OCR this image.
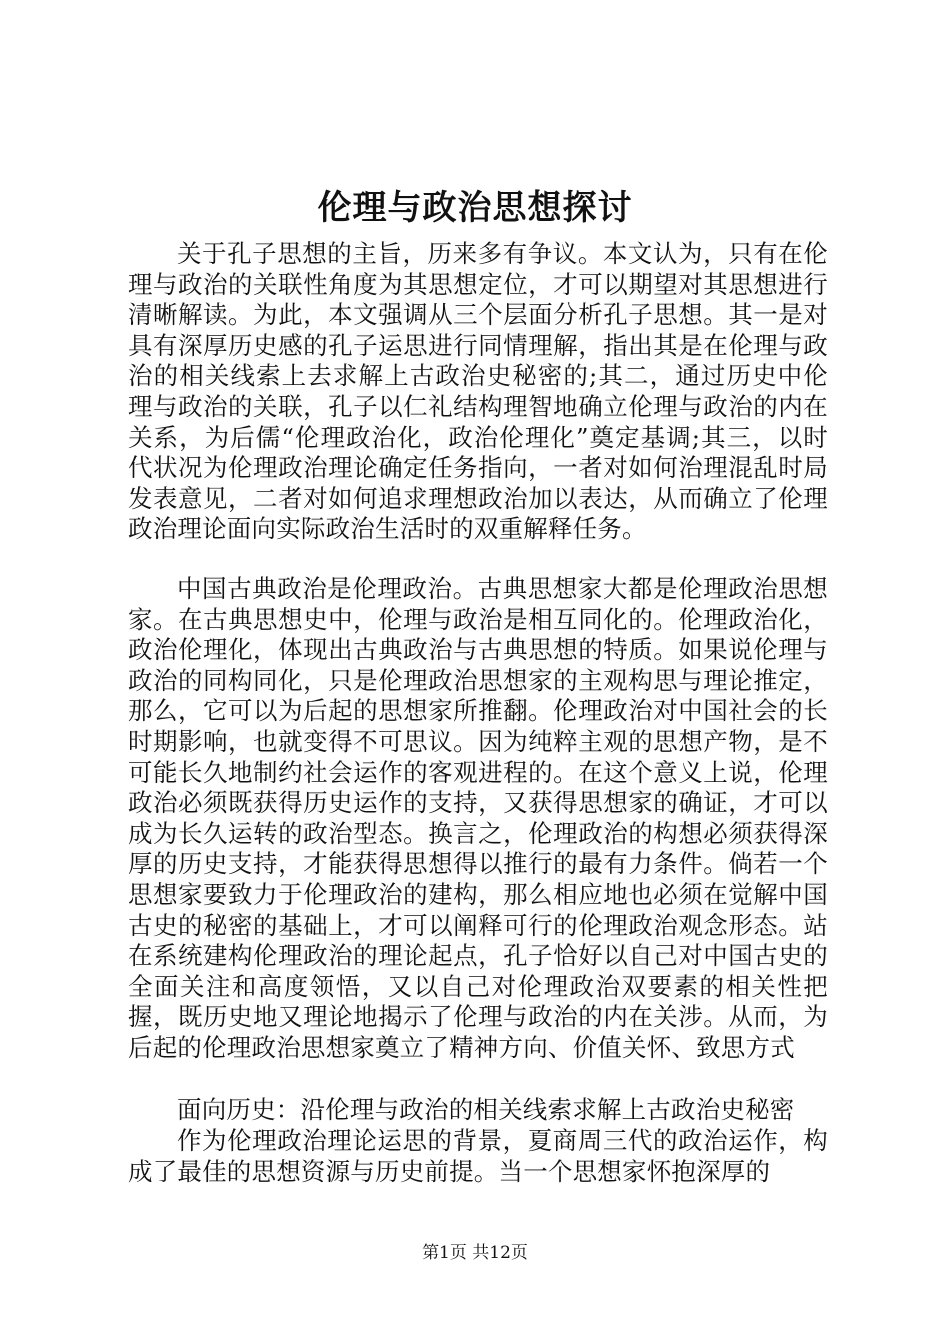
伦理与政治思想探讨

关于孔子思想的主旨，历来多有争议。本文认为，只有在伦理与政治的关联性角度为其思想定位，才可以期望对其思想进行清晰解读。为此，本文强调从三个层面分析孔子思想。其一是对具有深厚历史感的孔子运思进行同情理解，指出其是在伦理与政治的相关线索上去求解上古政治史秘密的;其二，通过历史中伦理与政治的关联，孔子以仁礼结构理智地确立伦理与政治的内在关系，为后儒“伦理政治化，政治伦理化”奠定基调;其三，以时代状况为伦理政治理论确定任务指向，一者对如何治理混乱时局发表意见，二者对如何追求理想政治加以表达，从而确立了伦理政治理论面向实际政治生活时的双重解释任务。

中国古典政治是伦理政治。古典思想家大都是伦理政治思想家。在古典思想史中，伦理与政治是相互同化的。伦理政治化，政治伦理化，体现出古典政治与古典思想的特质。如果说伦理与政治的同构同化，只是伦理政治思想家的主观构思与理论推定，那么，它可以为后起的思想家所推翻。伦理政治对中国社会的长时期影响，也就变得不可思议。因为纯粹主观的思想产物，是不可能长久地制约社会运作的客观进程的。在这个意义上说，伦理政治必须既获得历史运作的支持，又获得思想家的确证，才可以成为长久运转的政治型态。换言之，伦理政治的构想必须获得深厚的历史支持，才能获得思想得以推行的最有力条件。倘若一个思想家要致力于伦理政治的建构，那么相应地也必须在觉解中国古史的秘密的基础上，才可以阐释可行的伦理政治观念形态。站在系统建构伦理政治的理论起点，孔子恰好以自己对中国古史的全面关注和高度领悟，又以自己对伦理政治双要素的相关性把握，既历史地又理论地揭示了伦理与政治的内在关涉。从而，为后起的伦理政治思想家奠立了精神方向、价值关怀、致思方式

面向历史：沿伦理与政治的相关线索求解上古政治史秘密

作为伦理政治理论运思的背景，夏商周三代的政治运作，构成了最佳的思想资源与历史前提。当一个思想家怀抱深厚的

第1页 共12页
